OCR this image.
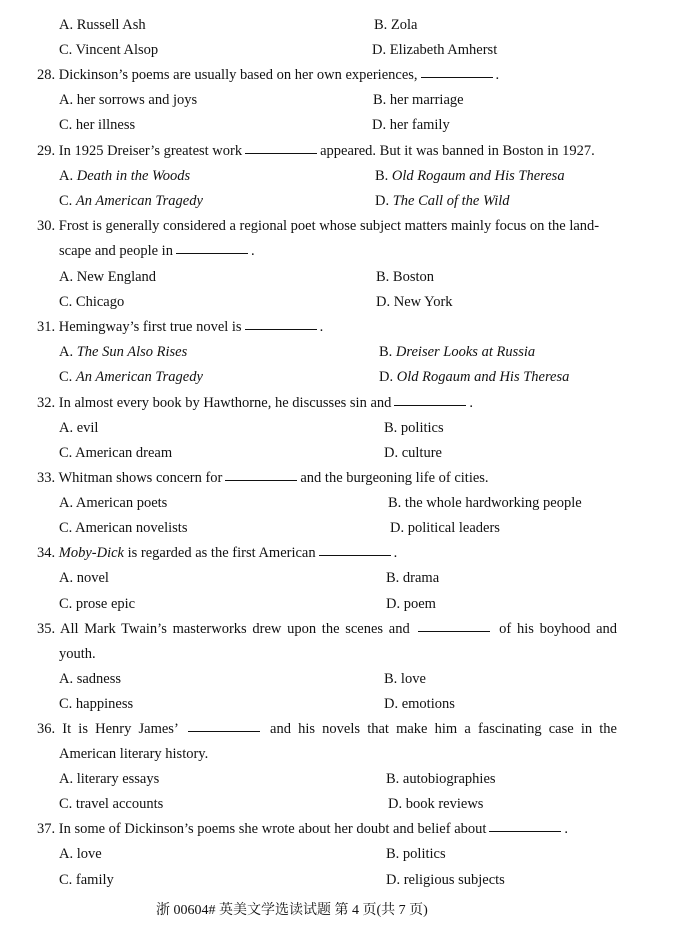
A. Russell Ash	B. Zola
C. Vincent Alsop	D. Elizabeth Amherst
28. Dickinson’s poems are usually based on her own experiences,	.
A. her sorrows and joys	B. her marriage
C. her illness	D. her family
29. In 1925 Dreiser’s greatest work	appeared. But it was banned in Boston in 1927.
A. Death in the Woods	B. Old Rogaum and His Theresa
C. An American Tragedy	D. The Call of the Wild
30. Frost is generally considered a regional poet whose subject matters mainly focus on the land-
scape and people in	.
A. New England	B. Boston
C. Chicago	D. New York
31. Hemingway’s first true novel is	.
A. The Sun Also Rises	B. Dreiser Looks at Russia
C. An American Tragedy	D. Old Rogaum and His Theresa
32. In almost every book by Hawthorne, he discusses sin and	.
A. evil	B. politics
C. American dream	D. culture
33. Whitman shows concern for	and the burgeoning life of cities.
A. American poets	B. the whole hardworking people
C. American novelists	D. political leaders
34. Moby-Dick is regarded as the first American	.
A. novel	B. drama
C. prose epic	D. poem
35. All Mark Twain’s masterworks drew upon the scenes and	of his boyhood and
youth.
A. sadness	B. love
C. happiness	D. emotions
36. It is Henry James’	and his novels that make him a fascinating case in the
American literary history.
A. literary essays	B. autobiographies
C. travel accounts	D. book reviews
37. In some of Dickinson’s poems she wrote about her doubt and belief about	.
A. love	B. politics
C. family	D. religious subjects
浙 00604# 英美文学选读试题 第 4 页(共 7 页)
